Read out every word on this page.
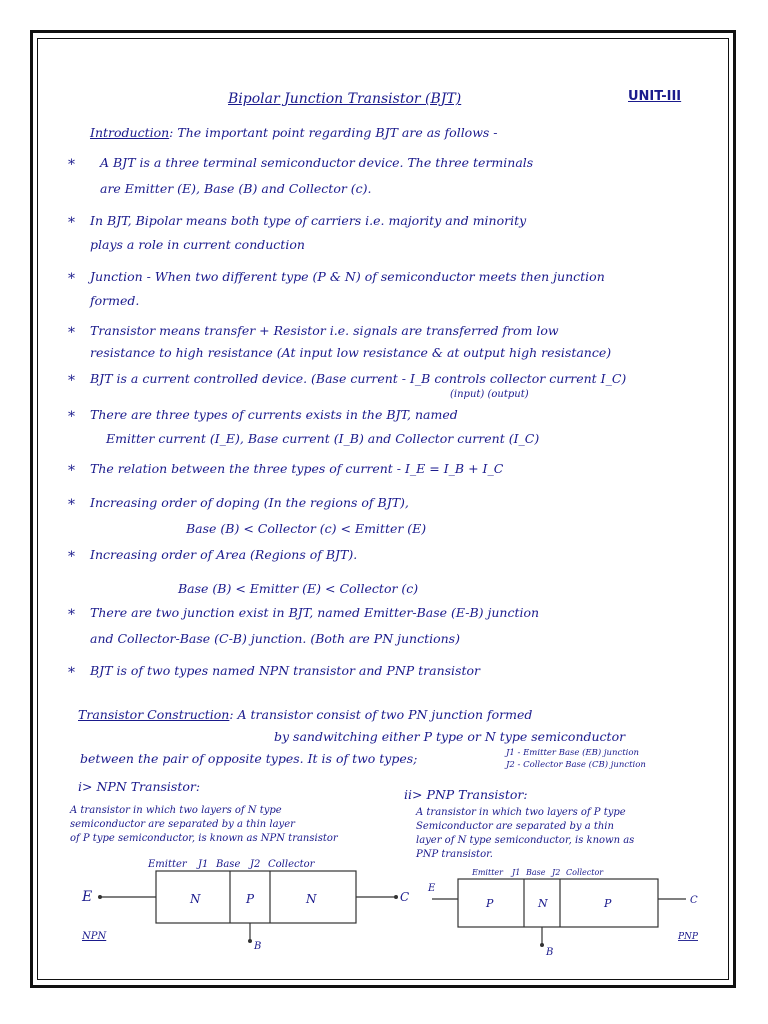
Bipolar Junction Transistor (BJT)	UNIT-III
Introduction: The important point regarding BJT are as follows -
* A BJT is a three terminal semiconductor device. The three terminals
are Emitter (E), Base (B) and Collector (c).
* In BJT, Bipolar means both type of carriers i.e. majority and minority
plays a role in current conduction
* Junction - When two different type (P & N) of semiconductor meets then junction
formed.
* Transistor means transfer + Resistor i.e. signals are transferred from low
resistance to high resistance (At input low resistance & at output high resistance)
* BJT is a current controlled device. (Base current - I_B controls collector current I_C)
(input) (output)
* There are three types of currents exists in the BJT, named
Emitter current (I_E), Base current (I_B) and Collector current (I_C)
* The relation between the three types of current - I_E = I_B + I_C
* Increasing order of doping (In the regions of BJT),
Base (B) < Collector (c) < Emitter (E)
* Increasing order of Area (Regions of BJT).
Base (B) < Emitter (E) < Collector (c)
* There are two junction exist in BJT, named Emitter-Base (E-B) junction
and Collector-Base (C-B) junction. (Both are PN junctions)
* BJT is of two types named NPN transistor and PNP transistor
Transistor Construction: A transistor consist of two PN junction formed
by sandwitching either P type or N type semiconductor
between the pair of opposite types. It is of two types;	J1 - Emitter Base (EB) junction
J2 - Collector Base (CB) junction
i> NPN Transistor:
A transistor in which two layers of N type
semiconductor are separated by a thin layer
of P type semiconductor, is known as NPN transistor
ii> PNP Transistor:
A transistor in which two layers of P type
Semiconductor are separated by a thin
layer of N type semiconductor, is known as
PNP transistor.
Emitter J1 Base J2 Collector
N	P	N
E	C
B
NPN
Emitter J1 Base J2 Collector
P	N	P
E
C
B
PNP
